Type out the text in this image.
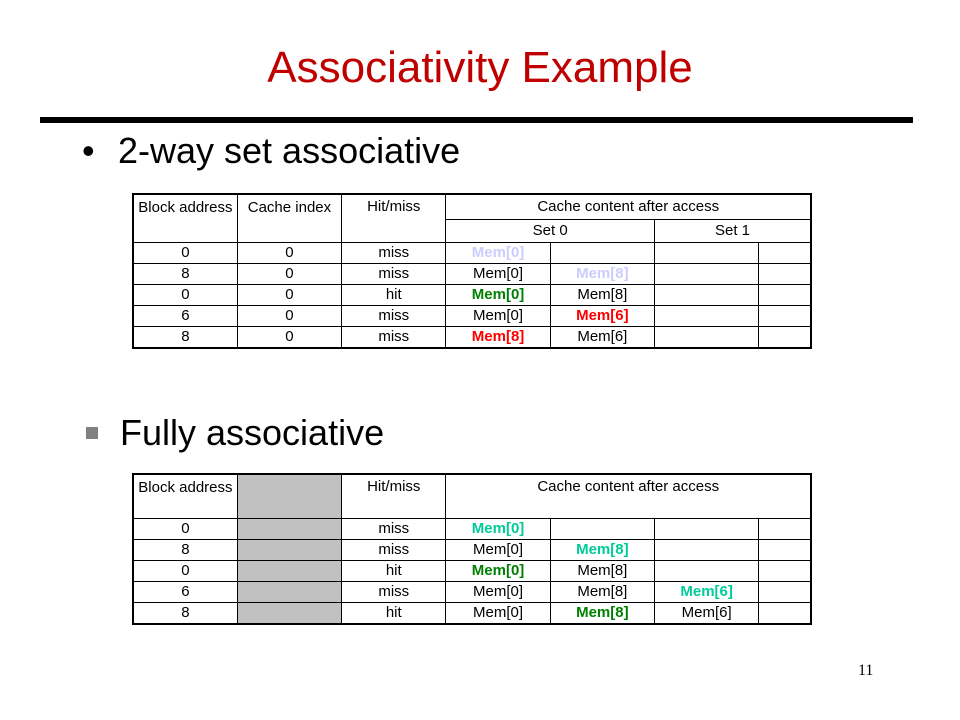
Associativity Example
• 2-way set associative
Block address	Cache index	Hit/miss	Cache content after access			
			Set 0		Set 1	
0	0	miss	Mem[0]			
8	0	miss	Mem[0]	Mem[8]		
0	0	hit	Mem[0]	Mem[8]		
6	0	miss	Mem[0]	Mem[6]		
8	0	miss	Mem[8]	Mem[6]		
Fully associative
Block address		Hit/miss	Cache content after access			
0		miss	Mem[0]			
8		miss	Mem[0]	Mem[8]		
0		hit	Mem[0]	Mem[8]		
6		miss	Mem[0]	Mem[8]	Mem[6]	
8		hit	Mem[0]	Mem[8]	Mem[6]	
11
